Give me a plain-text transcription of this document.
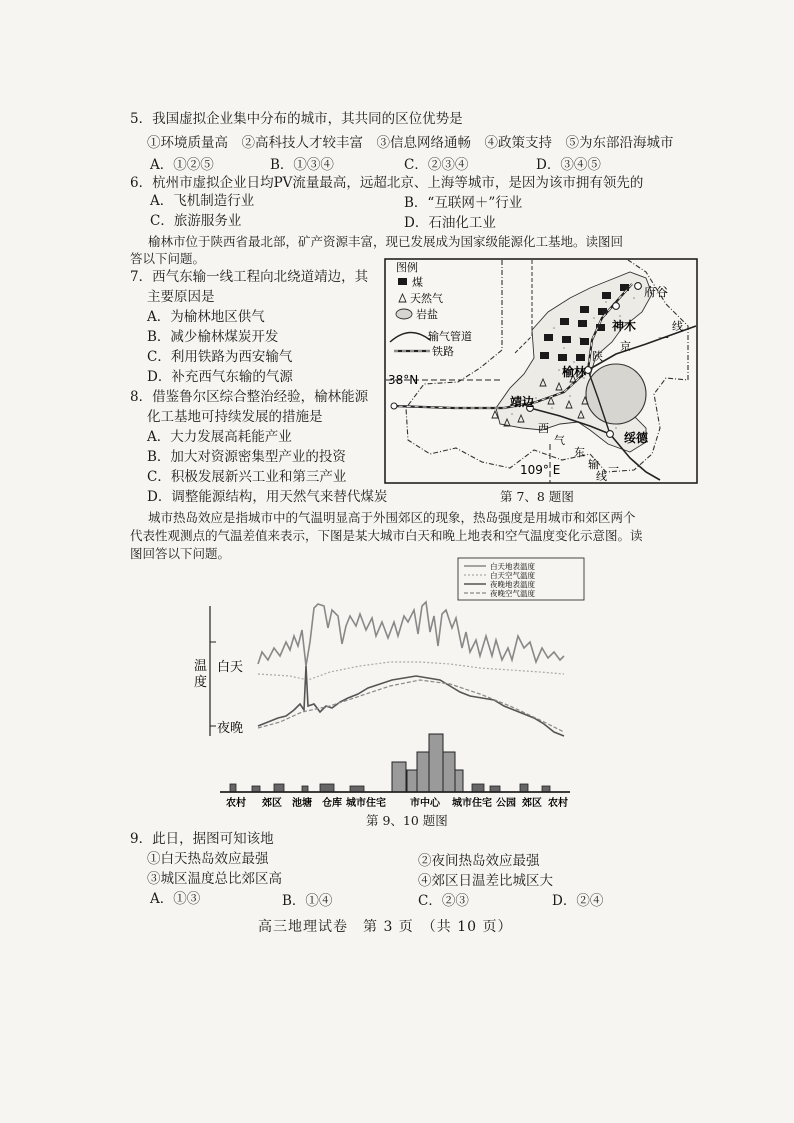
5．我国虚拟企业集中分布的城市，其共同的区位优势是
①环境质量高　②高科技人才较丰富　③信息网络通畅　④政策支持　⑤为东部沿海城市
A．①②⑤	B．①③④	C．②③④	D．③④⑤
6．杭州市虚拟企业日均PV流量最高，远超北京、上海等城市，是因为该市拥有领先的
A．飞机制造行业	B．“互联网＋”行业
C．旅游服务业	D．石油化工业
榆林市位于陕西省最北部，矿产资源丰富，现已发展成为国家级能源化工基地。读图回
答以下问题。
7．西气东输一线工程向北绕道靖边，其
主要原因是
A．为榆林地区供气
B．减少榆林煤炭开发
C．利用铁路为西安输气
D．补充西气东输的气源
8．借鉴鲁尔区综合整治经验，榆林能源
化工基地可持续发展的措施是
A．大力发展高耗能产业
B．加大对资源密集型产业的投资
C．积极发展新兴工业和第三产业
D．调整能源结构，用天然气来替代煤炭
图例
煤
天然气
岩盐
输气管道
铁路
府谷
神木
榆林
靖边
绥德
陕
京
一
线
西
气
东
输 一
线
38°N
109° E
第 7、8 题图
城市热岛效应是指城市中的气温明显高于外围郊区的现象，热岛强度是用城市和郊区两个
代表性观测点的气温差值来表示，下图是某大城市白天和晚上地表和空气温度变化示意图。读
图回答以下问题。
白天地表温度
白天空气温度
夜晚地表温度
夜晚空气温度
温
度
白天
夜晚
农村 郊区 池塘 仓库 城市住宅 市中心 城市住宅 公园 郊区 农村
第 9、10 题图
9．此日，据图可知该地
①白天热岛效应最强	②夜间热岛效应最强
③城区温度总比郊区高	④郊区日温差比城区大
A．①③	B．①④	C．②③	D．②④
高三地理试卷　第 3 页　（共 10 页）
